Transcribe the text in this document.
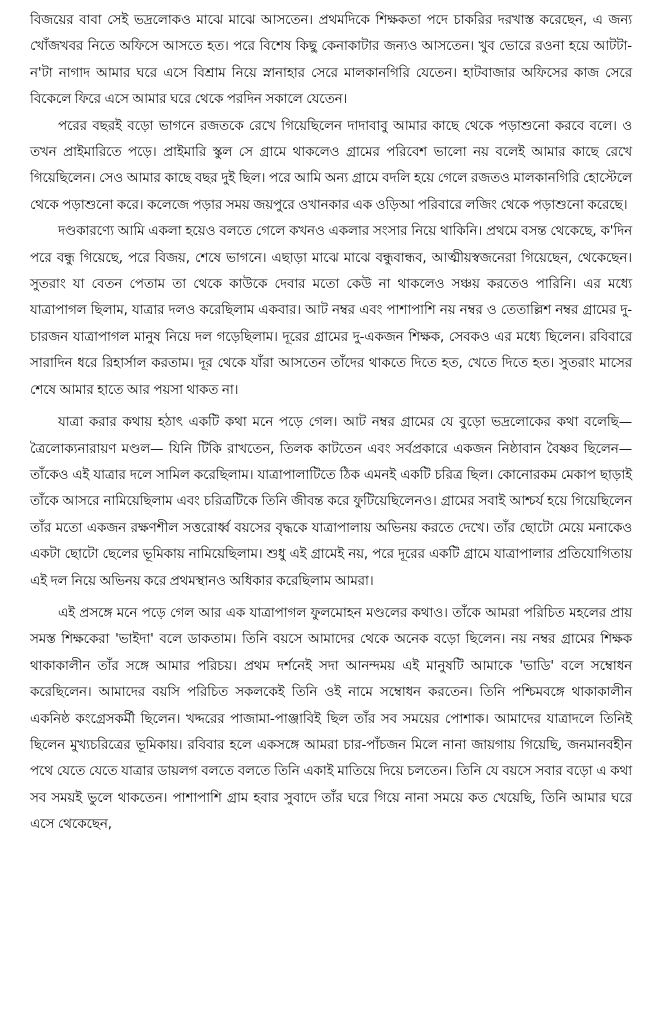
বিজয়ের বাবা সেই ভদ্রলোকও মাঝে মাঝে আসতেন। প্রথমদিকে শিক্ষকতা পদে চাকরির দরখাস্ত করেছেন, এ জন্য খোঁজখবর নিতে অফিসে আসতে হত। পরে বিশেষ কিছু কেনাকাটার জন্যও আসতেন। খুব ভোরে রওনা হয়ে আটটা-ন'টা নাগাদ আমার ঘরে এসে বিশ্রাম নিয়ে স্নানাহার সেরে মালকানগিরি যেতেন। হাটবাজার অফিসের কাজ সেরে বিকেলে ফিরে এসে আমার ঘরে থেকে পরদিন সকালে যেতেন।

পরের বছরই বড়ো ভাগনে রজতকে রেখে গিয়েছিলেন দাদাবাবু আমার কাছে থেকে পড়াশুনো করবে বলে। ও তখন প্রাইমারিতে পড়ে। প্রাইমারি স্কুল সে গ্রামে থাকলেও গ্রামের পরিবেশ ভালো নয় বলেই আমার কাছে রেখে গিয়েছিলেন। সেও আমার কাছে বছর দুই ছিল। পরে আমি অন্য গ্রামে বদলি হয়ে গেলে রজতও মালকানগিরি হোস্টেলে থেকে পড়াশুনো করে। কলেজে পড়ার সময় জয়পুরে ওখানকার এক ওড়িআ পরিবারে লজিং থেকে পড়াশুনো করেছে।

দণ্ডকারণ্যে আমি একলা হয়েও বলতে গেলে কখনও একলার সংসার নিয়ে থাকিনি। প্রথমে বসন্ত থেকেছে, ক'দিন পরে বন্ধু গিয়েছে, পরে বিজয়, শেষে ভাগনে। এছাড়া মাঝে মাঝে বন্ধুবান্ধব, আত্মীয়স্বজনেরা গিয়েছেন, থেকেছেন। সুতরাং যা বেতন পেতাম তা থেকে কাউকে দেবার মতো কেউ না থাকলেও সঞ্চয় করতেও পারিনি। এর মধ্যে যাত্রাপাগল ছিলাম, যাত্রার দলও করেছিলাম একবার। আট নম্বর এবং পাশাপাশি নয় নম্বর ও তেতাল্লিশ নম্বর গ্রামের দু-চারজন যাত্রাপাগল মানুষ নিয়ে দল গড়েছিলাম। দূরের গ্রামের দু-একজন শিক্ষক, সেবকও এর মধ্যে ছিলেন। রবিবারে সারাদিন ধরে রিহার্সাল করতাম। দূর থেকে যাঁরা আসতেন তাঁদের থাকতে দিতে হত, খেতে দিতে হত। সুতরাং মাসের শেষে আমার হাতে আর পয়সা থাকত না।

যাত্রা করার কথায় হঠাৎ একটি কথা মনে পড়ে গেল। আট নম্বর গ্রামের যে বুড়ো ভদ্রলোকের কথা বলেছি— ত্রৈলোক্যনারায়ণ মণ্ডল— যিনি টিকি রাখতেন, তিলক কাটতেন এবং সর্বপ্রকারে একজন নিষ্ঠাবান বৈষ্ণব ছিলেন— তাঁকেও এই যাত্রার দলে সামিল করেছিলাম। যাত্রাপালাটিতে ঠিক এমনই একটি চরিত্র ছিল। কোনোরকম মেকাপ ছাড়াই তাঁকে আসরে নামিয়েছিলাম এবং চরিত্রটিকে তিনি জীবন্ত করে ফুটিয়েছিলেনও। গ্রামের সবাই আশ্চর্য হয়ে গিয়েছিলেন তাঁর মতো একজন রক্ষণশীল সত্তরোর্ধ্ব বয়সের বৃদ্ধকে যাত্রাপালায় অভিনয় করতে দেখে। তাঁর ছোটো মেয়ে মনাকেও একটা ছোটো ছেলের ভূমিকায় নামিয়েছিলাম। শুধু এই গ্রামেই নয়, পরে দূরের একটি গ্রামে যাত্রাপালার প্রতিযোগিতায় এই দল নিয়ে অভিনয় করে প্রথমস্থানও অধিকার করেছিলাম আমরা।

এই প্রসঙ্গে মনে পড়ে গেল আর এক যাত্রাপাগল ফুলমোহন মণ্ডলের কথাও। তাঁকে আমরা পরিচিত মহলের প্রায় সমস্ত শিক্ষকেরা 'ভাইদা' বলে ডাকতাম। তিনি বয়সে আমাদের থেকে অনেক বড়ো ছিলেন। নয় নম্বর গ্রামের শিক্ষক থাকাকালীন তাঁর সঙ্গে আমার পরিচয়। প্রথম দর্শনেই সদা আনন্দময় এই মানুষটি আমাকে 'ভাডি' বলে সম্বোধন করেছিলেন। আমাদের বয়সি পরিচিত সকলকেই তিনি ওই নামে সম্বোধন করতেন। তিনি পশ্চিমবঙ্গে থাকাকালীন একনিষ্ঠ কংগ্রেসকর্মী ছিলেন। খদ্দরের পাজামা-পাঞ্জাবিই ছিল তাঁর সব সময়ের পোশাক। আমাদের যাত্রাদলে তিনিই ছিলেন মুখ্যচরিত্রের ভূমিকায়। রবিবার হলে একসঙ্গে আমরা চার-পাঁচজন মিলে নানা জায়গায় গিয়েছি, জনমানবহীন পথে যেতে যেতে যাত্রার ডায়লগ বলতে বলতে তিনি একাই মাতিয়ে দিয়ে চলতেন। তিনি যে বয়সে সবার বড়ো এ কথা সব সময়ই ভুলে থাকতেন। পাশাপাশি গ্রাম হবার সুবাদে তাঁর ঘরে গিয়ে নানা সময়ে কত খেয়েছি, তিনি আমার ঘরে এসে থেকেছেন,
